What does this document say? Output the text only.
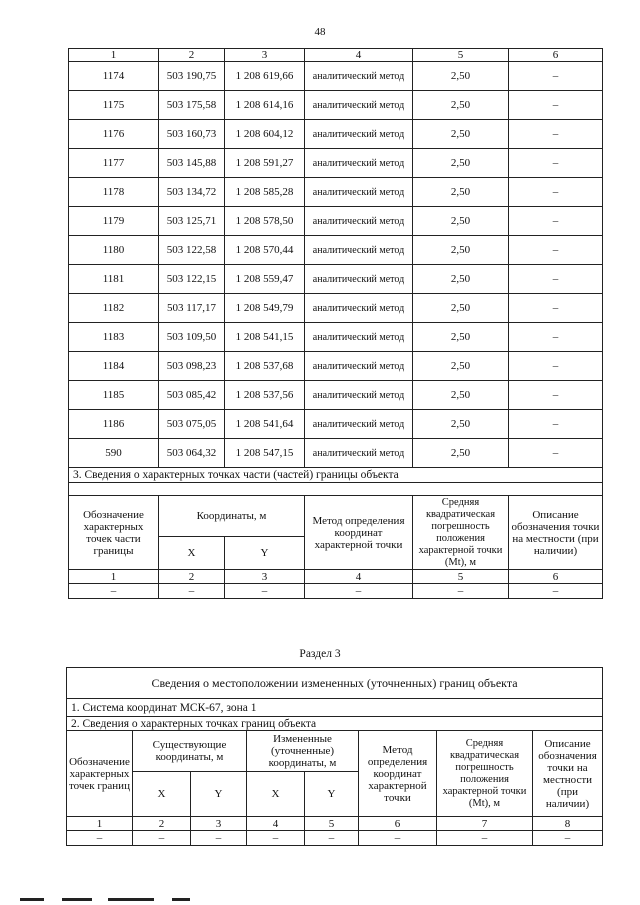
48
1	2	3	4	5	6
1174	503 190,75	1 208 619,66	аналитический метод	2,50	–
1175	503 175,58	1 208 614,16	аналитический метод	2,50	–
1176	503 160,73	1 208 604,12	аналитический метод	2,50	–
1177	503 145,88	1 208 591,27	аналитический метод	2,50	–
1178	503 134,72	1 208 585,28	аналитический метод	2,50	–
1179	503 125,71	1 208 578,50	аналитический метод	2,50	–
1180	503 122,58	1 208 570,44	аналитический метод	2,50	–
1181	503 122,15	1 208 559,47	аналитический метод	2,50	–
1182	503 117,17	1 208 549,79	аналитический метод	2,50	–
1183	503 109,50	1 208 541,15	аналитический метод	2,50	–
1184	503 098,23	1 208 537,68	аналитический метод	2,50	–
1185	503 085,42	1 208 537,56	аналитический метод	2,50	–
1186	503 075,05	1 208 541,64	аналитический метод	2,50	–
590	503 064,32	1 208 547,15	аналитический метод	2,50	–
3. Сведения о характерных точках части (частей) границы объекта					

Обозначение характерных точек части границы	Координаты, м		Метод определения координат характерной точки	Средняя квадратическая погрешность положения характерной точки (Mt), м	Описание обозначения точки на местности (при наличии)
	X	Y			
1	2	3	4	5	6
–	–	–	–	–	–
Раздел 3
Сведения о местоположении измененных (уточненных) границ объекта							
1. Система координат МСК-67, зона 1							
2. Сведения о характерных точках границ объекта							
Обозначение характерных точек границ	Существующие координаты, м		Измененные (уточненные) координаты, м		Метод определения координат характерной точки	Средняя квадратическая погрешность положения характерной точки (Mt), м	Описание обозначения точки на местности (при наличии)
	X	Y	X	Y			
1	2	3	4	5	6	7	8
–	–	–	–	–	–	–	–
